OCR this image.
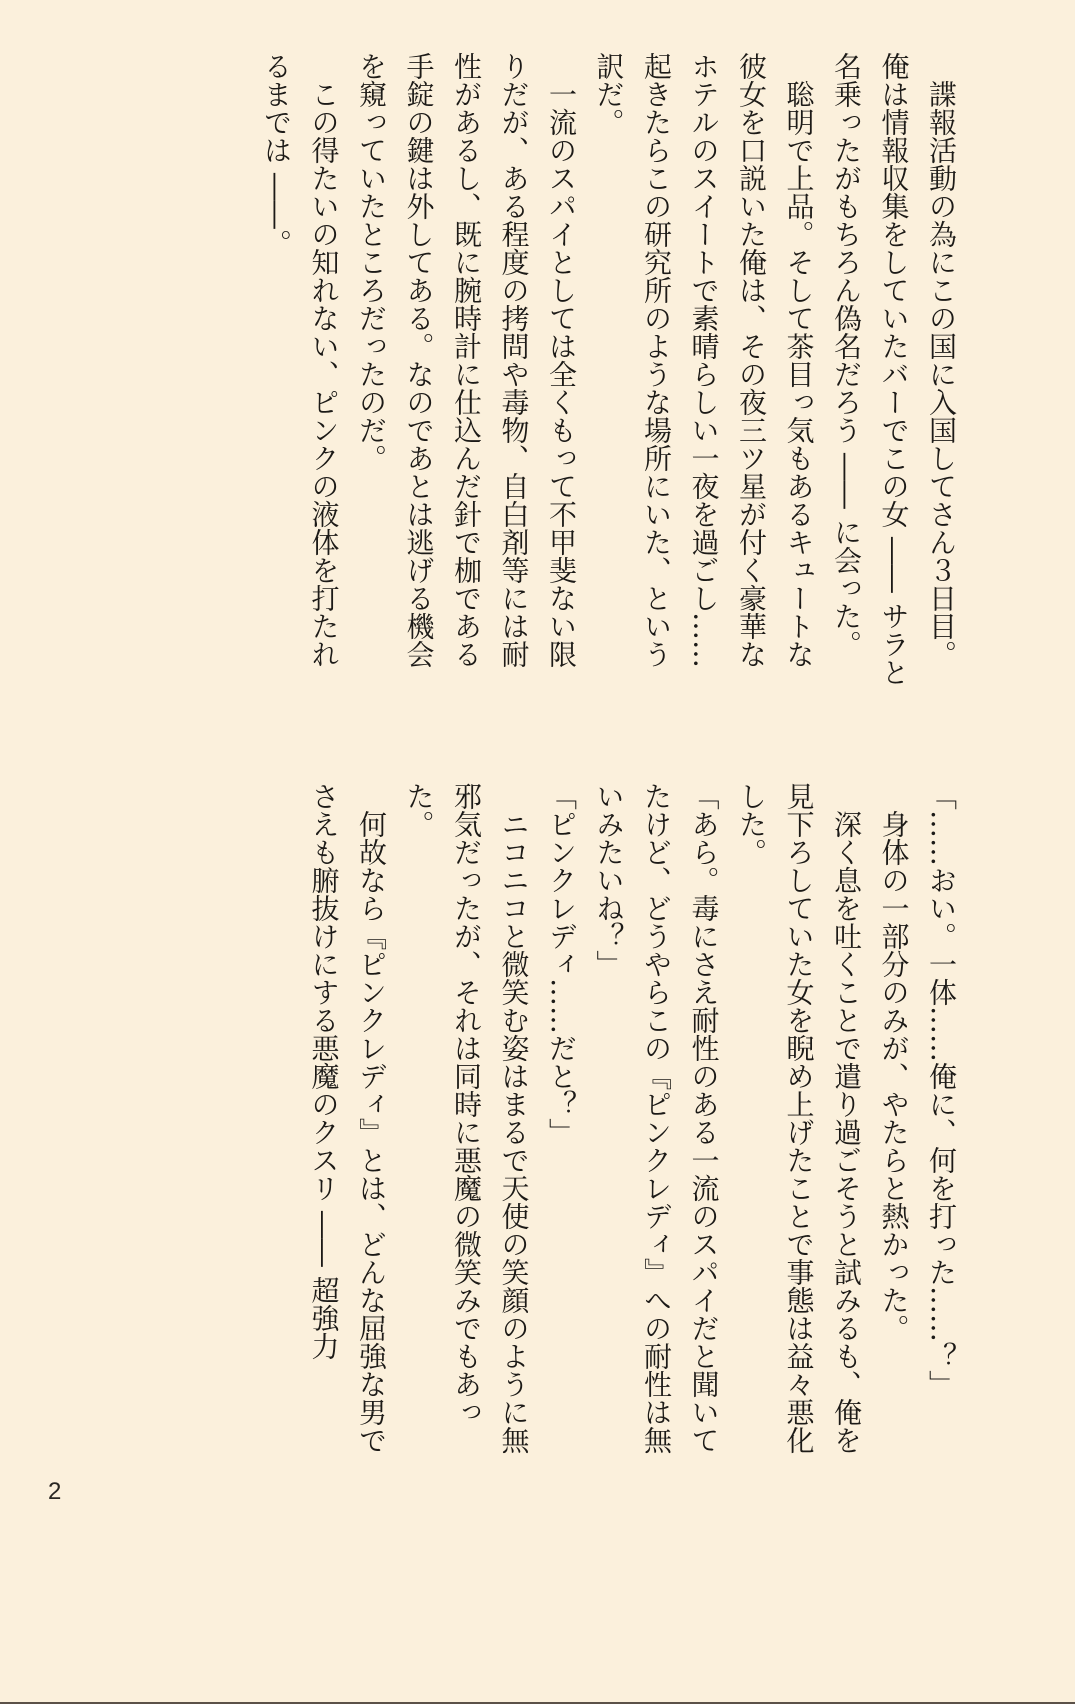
諜報活動の為にこの国に入国してさん３日目。俺は情報収集をしていたバーでこの女 ―― サラと名乗ったがもちろん偽名だろう ―― に会った。

聡明で上品。そして茶目っ気もあるキュートな彼女を口説いた俺は、その夜三ツ星が付く豪華なホテルのスイートで素晴らしい一夜を過ごし……起きたらこの研究所のような場所にいた、という訳だ。

一流のスパイとしては全くもって不甲斐ない限りだが、ある程度の拷問や毒物、自白剤等には耐性があるし、既に腕時計に仕込んだ針で枷である手錠の鍵は外してある。なのであとは逃げる機会を窺っていたところだったのだ。

この得たいの知れない、ピンクの液体を打たれるまでは ――。

「……おい。一体……俺に、何を打った……？」

身体の一部分のみが、やたらと熱かった。

深く息を吐くことで遣り過ごそうと試みるも、俺を見下ろしていた女を睨め上げたことで事態は益々悪化した。

「あら。毒にさえ耐性のある一流のスパイだと聞いてたけど、どうやらこの『ピンクレディ』への耐性は無いみたいね？」

「ピンクレディ……だと？」

ニコニコと微笑む姿はまるで天使の笑顔のように無邪気だったが、それは同時に悪魔の微笑みでもあった。

何故なら『ピンクレディ』とは、どんな屈強な男でさえも腑抜けにする悪魔のクスリ ―― 超強力

2
